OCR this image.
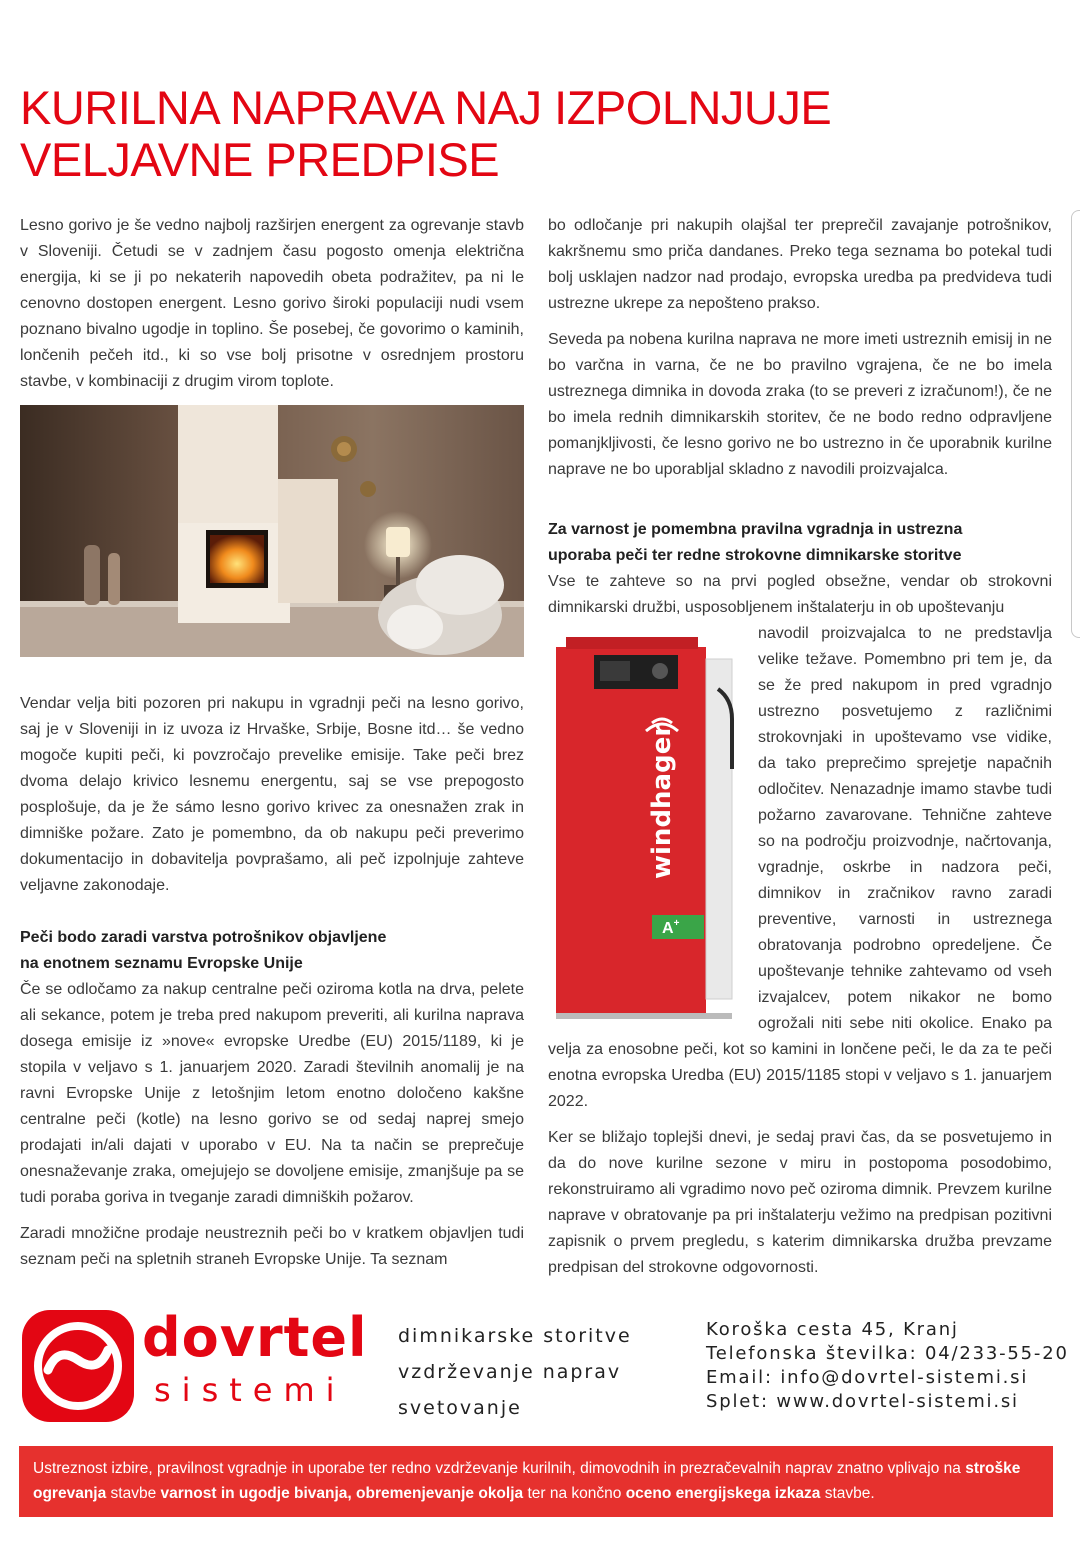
KURILNA NAPRAVA NAJ IZPOLNJUJE
VELJAVNE PREDPISE

Lesno gorivo je še vedno najbolj razširjen energent za ogrevanje stavb v Sloveniji. Četudi se v zadnjem času pogosto omenja električna energija, ki se ji po nekaterih napovedih obeta podražitev, pa ni le cenovno dostopen energent. Lesno gorivo široki populaciji nudi vsem poznano bivalno ugodje in toplino. Še posebej, če govorimo o kaminih, lončenih pečeh itd., ki so vse bolj prisotne v osrednjem prostoru stavbe, v kombinaciji z drugim virom toplote.

Vendar velja biti pozoren pri nakupu in vgradnji peči na lesno gorivo, saj je v Sloveniji in iz uvoza iz Hrvaške, Srbije, Bosne itd… še vedno mogoče kupiti peči, ki povzročajo prevelike emisije. Take peči brez dvoma delajo krivico lesnemu energentu, saj se vse prepogosto posplošuje, da je že sámo lesno gorivo krivec za onesnažen zrak in dimniške požare. Zato je pomembno, da ob nakupu peči preverimo dokumentacijo in dobavitelja povprašamo, ali peč izpolnjuje zahteve veljavne zakonodaje.

Peči bodo zaradi varstva potrošnikov objavljene
na enotnem seznamu Evropske Unije

Če se odločamo za nakup centralne peči oziroma kotla na drva, pelete ali sekance, potem je treba pred nakupom preveriti, ali kurilna naprava dosega emisije iz »nove« evropske Uredbe (EU) 2015/1189, ki je stopila v veljavo s 1. januarjem 2020. Zaradi številnih anomalij je na ravni Evropske Unije z letošnjim letom enotno določeno kakšne centralne peči (kotle) na lesno gorivo se od sedaj naprej smejo prodajati in/ali dajati v uporabo v EU. Na ta način se preprečuje onesnaževanje zraka, omejujejo se dovoljene emisije, zmanjšuje pa se tudi poraba goriva in tveganje zaradi dimniških požarov.

Zaradi množične prodaje neustreznih peči bo v kratkem objavljen tudi seznam peči na spletnih straneh Evropske Unije. Ta seznam

bo odločanje pri nakupih olajšal ter preprečil zavajanje potrošnikov, kakršnemu smo priča dandanes. Preko tega seznama bo potekal tudi bolj usklajen nadzor nad prodajo, evropska uredba pa predvideva tudi ustrezne ukrepe za nepošteno prakso.

Seveda pa nobena kurilna naprava ne more imeti ustreznih emisij in ne bo varčna in varna, če ne bo pravilno vgrajena, če ne bo imela ustreznega dimnika in dovoda zraka (to se preveri z izračunom!), če ne bo imela rednih dimnikarskih storitev, če ne bodo redno odpravljene pomanjkljivosti, če lesno gorivo ne bo ustrezno in če uporabnik kurilne naprave ne bo uporabljal skladno z navodili proizvajalca.

Za varnost je pomembna pravilna vgradnja in ustrezna
uporaba peči ter redne strokovne dimnikarske storitve

Vse te zahteve so na prvi pogled obsežne, vendar ob strokovni dimnikarski družbi, usposobljenem inštalaterju in ob upoštevanju

windhager
A+
navodil proizvajalca to ne predstavlja velike težave. Pomembno pri tem je, da se že pred nakupom in pred vgradnjo ustrezno posvetujemo z različnimi strokovnjaki in upoštevamo vse vidike, da tako preprečimo sprejetje napačnih odločitev. Nenazadnje imamo stavbe tudi požarno zavarovane. Tehnične zahteve so na področju proizvodnje, načrtovanja, vgradnje, oskrbe in nadzora peči, dimnikov in zračnikov ravno zaradi preventive, varnosti in ustreznega obratovanja podrobno opredeljene. Če upoštevanje tehnike zahtevamo od vseh izvajalcev, potem nikakor ne bomo ogrožali niti sebe niti okolice. Enako pa velja za enosobne peči, kot so kamini in lončene peči, le da za te peči enotna evropska Uredba (EU) 2015/1185 stopi v veljavo s 1. januarjem 2022.

Ker se bližajo toplejši dnevi, je sedaj pravi čas, da se posvetujemo in da do nove kurilne sezone v miru in postopoma posodobimo, rekonstruiramo ali vgradimo novo peč oziroma dimnik. Prevzem kurilne naprave v obratovanje pa pri inštalaterju vežimo na predpisan pozitivni zapisnik o prvem pregledu, s katerim dimnikarska družba prevzame predpisan del strokovne odgovornosti.

dovrtel
sistemi
dimnikarske storitve
vzdrževanje naprav
svetovanje
Koroška cesta 45, Kranj
Telefonska številka: 04/233-55-20
Email: info@dovrtel-sistemi.si
Splet: www.dovrtel-sistemi.si
Ustreznost izbire, pravilnost vgradnje in uporabe ter redno vzdrževanje kurilnih, dimovodnih in prezračevalnih naprav znatno vplivajo na stroške ogrevanja stavbe varnost in ugodje bivanja, obremenjevanje okolja ter na končno oceno energijskega izkaza stavbe.
